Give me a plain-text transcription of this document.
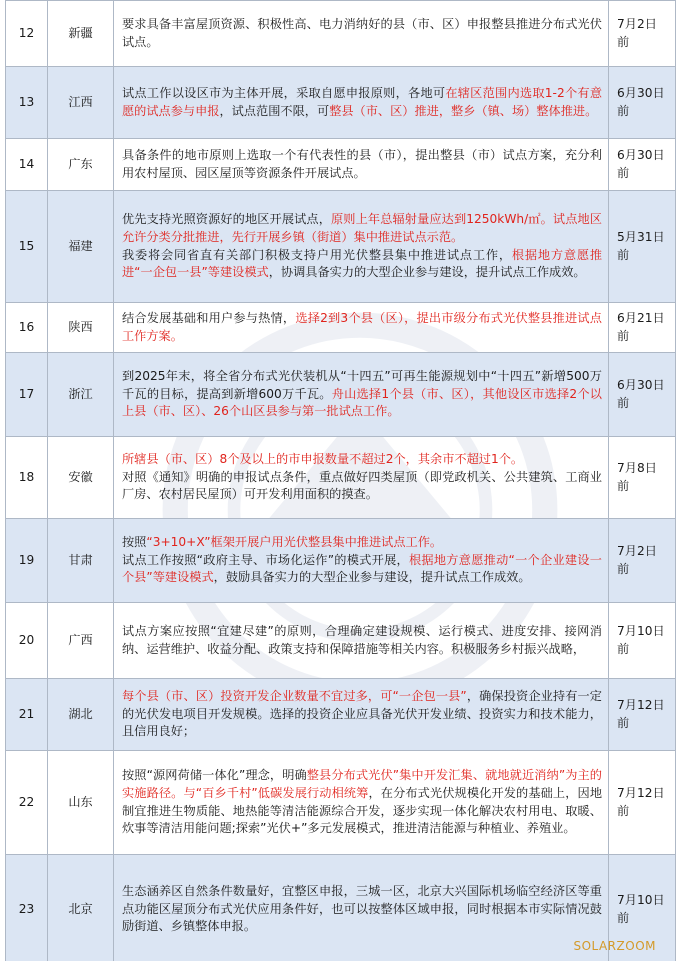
12	新疆	要求具备丰富屋顶资源、积极性高、电力消纳好的县（市、区）申报整县推进分布式光伏试点。	7月2日前
13	江西	试点工作以设区市为主体开展，采取自愿申报原则，各地可在辖区范围内选取1-2个有意愿的试点参与申报，试点范围不限，可整县（市、区）推进，整乡（镇、场）整体推进。	6月30日前
14	广东	具备条件的地市原则上选取一个有代表性的县（市），提出整县（市）试点方案，充分利用农村屋顶、园区屋顶等资源条件开展试点。	6月30日前
15	福建	优先支持光照资源好的地区开展试点，原则上年总辐射量应达到1250kWh/㎡。试点地区允许分类分批推进，先行开展乡镇（街道）集中推进试点示范。
我委将会同省直有关部门积极支持户用光伏整县集中推进试点工作，根据地方意愿推进“一企包一县”等建设模式，协调具备实力的大型企业参与建设，提升试点工作成效。	5月31日前
16	陕西	结合发展基础和用户参与热情，选择2到3个县（区），提出市级分布式光伏整县推进试点工作方案。	6月21日前
17	浙江	到2025年末，将全省分布式光伏装机从“十四五”可再生能源规划中“十四五”新增500万千瓦的目标，提高到新增600万千瓦。舟山选择1个县（市、区），其他设区市选择2个以上县（市、区）、26个山区县参与第一批试点工作。	6月30日前
18	安徽	所辖县（市、区）8个及以上的市申报数量不超过2个，其余市不超过1个。
对照《通知》明确的申报试点条件，重点做好四类屋顶（即党政机关、公共建筑、工商业厂房、农村居民屋顶）可开发利用面积的摸查。	7月8日前
19	甘肃	按照“3+10+X”框架开展户用光伏整县集中推进试点工作。
试点工作按照“政府主导、市场化运作”的模式开展，根据地方意愿推动“一个企业建设一个县”等建设模式，鼓励具备实力的大型企业参与建设，提升试点工作成效。	7月2日前
20	广西	试点方案应按照“宜建尽建”的原则，合理确定建设规模、运行模式、进度安排、接网消纳、运营维护、收益分配、政策支持和保障措施等相关内容。积极服务乡村振兴战略，	7月10日前
21	湖北	每个县（市、区）投资开发企业数量不宜过多，可“一企包一县”，确保投资企业持有一定的光伏发电项目开发规模。选择的投资企业应具备光伏开发业绩、投资实力和技术能力，且信用良好；	7月12日前
22	山东	按照“源网荷储一体化”理念，明确整县分布式光伏”集中开发汇集、就地就近消纳”为主的实施路径。与“百乡千村”低碳发展行动相统筹，在分布式光伏规模化开发的基础上，因地制宜推进生物质能、地热能等清洁能源综合开发，逐步实现一体化解决农村用电、取暖、炊事等清洁用能问题;探索”光伏+”多元发展模式，推进清洁能源与种植业、养殖业。	7月12日前
23	北京	生态涵养区自然条件数量好，宜整区申报，三城一区，北京大兴国际机场临空经济区等重点功能区屋顶分布式光伏应用条件好，也可以按整体区域申报，同时根据本市实际情况鼓励街道、乡镇整体申报。	7月10日前
SOLARZOOM
